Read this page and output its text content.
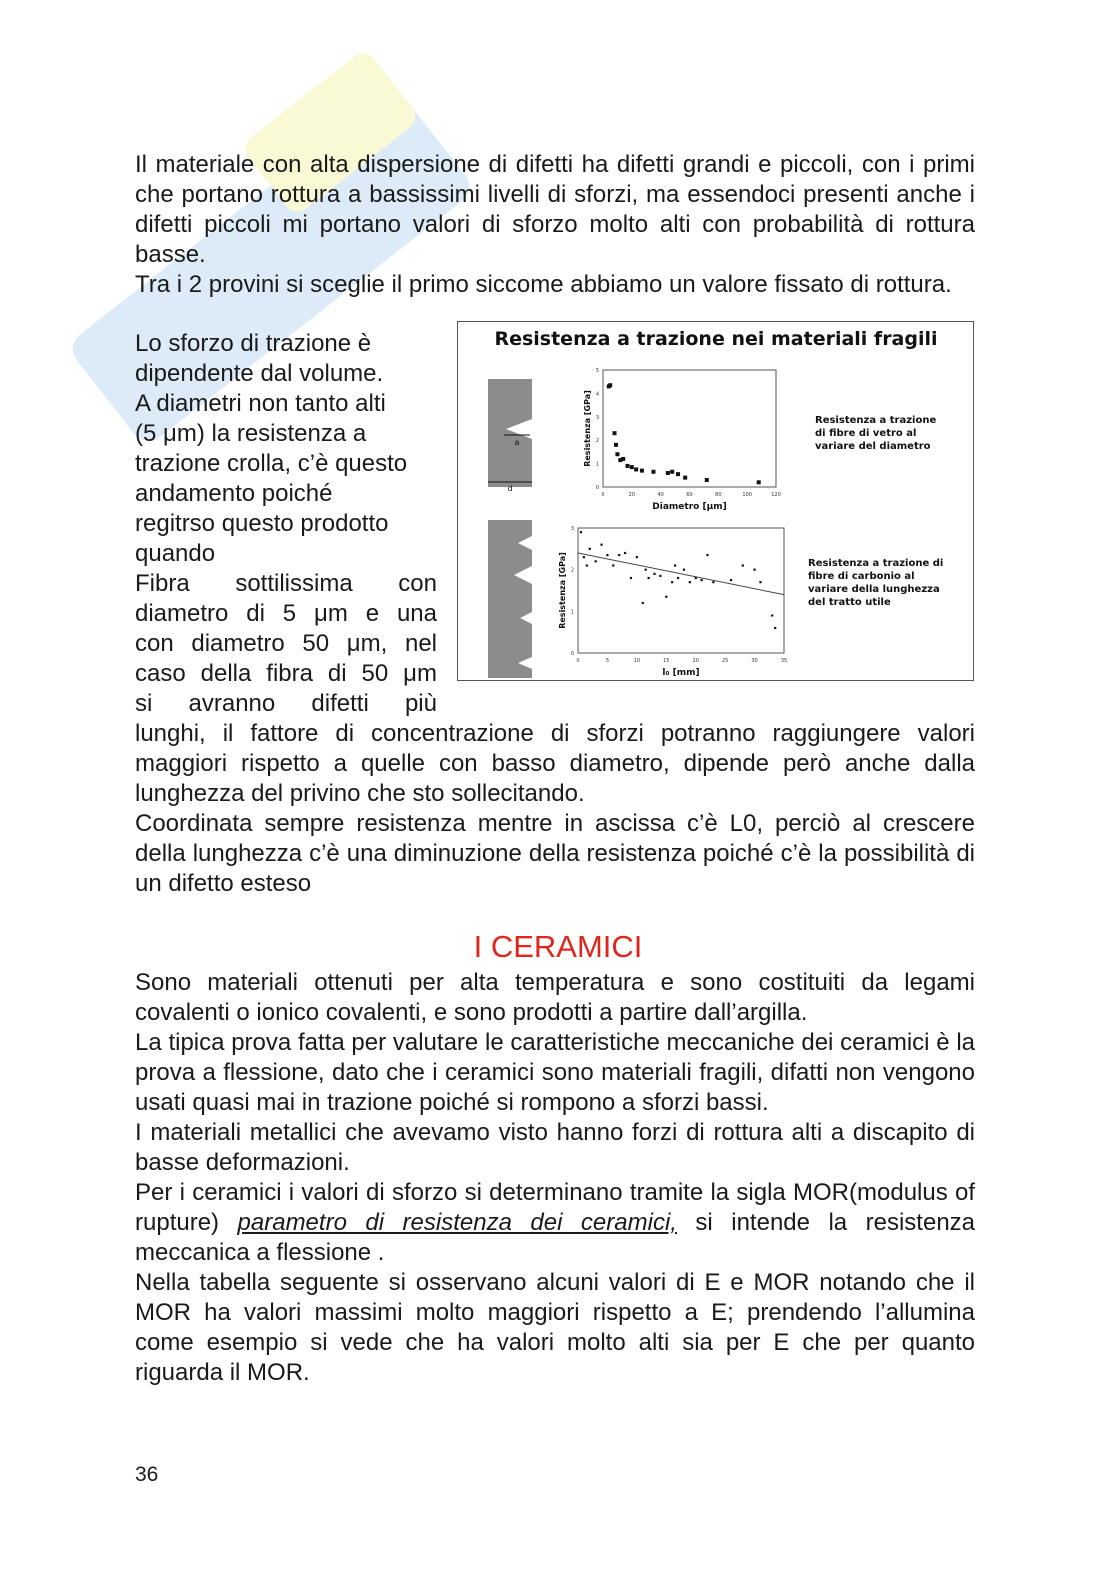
Il materiale con alta dispersione di difetti ha difetti grandi e piccoli, con i primi che portano rottura a bassissimi livelli di sforzi, ma essendoci presenti anche i difetti piccoli mi portano valori di sforzo molto alti con probabilità di rottura basse.

Tra i 2 provini si sceglie il primo siccome abbiamo un valore fissato di rottura.

Lo sforzo di trazione è
dipendente dal volume.
A diametri non tanto alti
(5 μm) la resistenza a
trazione crolla, c’è questo
andamento poiché
regitrso questo prodotto
quando
Fibra sottilissima con
diametro di 5 μm e una
con diametro 50 μm, nel
caso della fibra di 50 μm
si avranno difetti più
Resistenza a trazione nei materiali fragili
a
d
0	20	40	60	80	100	120
0
1
2
3
4
5
Diametro [μm]
Resistenza [GPa]
0	5	10	15	20	25	30	35
0
1
2
3
l₀ [mm]
Resistenza [GPa]
Resistenza a trazione
di fibre di vetro al
variare del diametro
Resistenza a trazione di
fibre di carbonio al
variare della lunghezza
del tratto utile

lunghi, il fattore di concentrazione di sforzi potranno raggiungere valori maggiori rispetto a quelle con basso diametro, dipende però anche dalla lunghezza del privino che sto sollecitando.

Coordinata sempre resistenza mentre in ascissa c’è L0, perciò al crescere della lunghezza c’è una diminuzione della resistenza poiché c’è la possibilità di un difetto esteso

I CERAMICI

Sono materiali ottenuti per alta temperatura e sono costituiti da legami covalenti o ionico covalenti, e sono prodotti a partire dall’argilla.

La tipica prova fatta per valutare le caratteristiche meccaniche dei ceramici è la prova a flessione, dato che i ceramici sono materiali fragili, difatti non vengono usati quasi mai in trazione poiché si rompono a sforzi bassi.

I materiali metallici che avevamo visto hanno forzi di rottura alti a discapito di basse deformazioni.

Per i ceramici i valori di sforzo si determinano tramite la sigla MOR(modulus of rupture) parametro di resistenza dei ceramici, si intende la resistenza meccanica a flessione .

Nella tabella seguente si osservano alcuni valori di E e MOR notando che il MOR ha valori massimi molto maggiori rispetto a E; prendendo l’allumina come esempio si vede che ha valori molto alti sia per E che per quanto riguarda il MOR.

36
